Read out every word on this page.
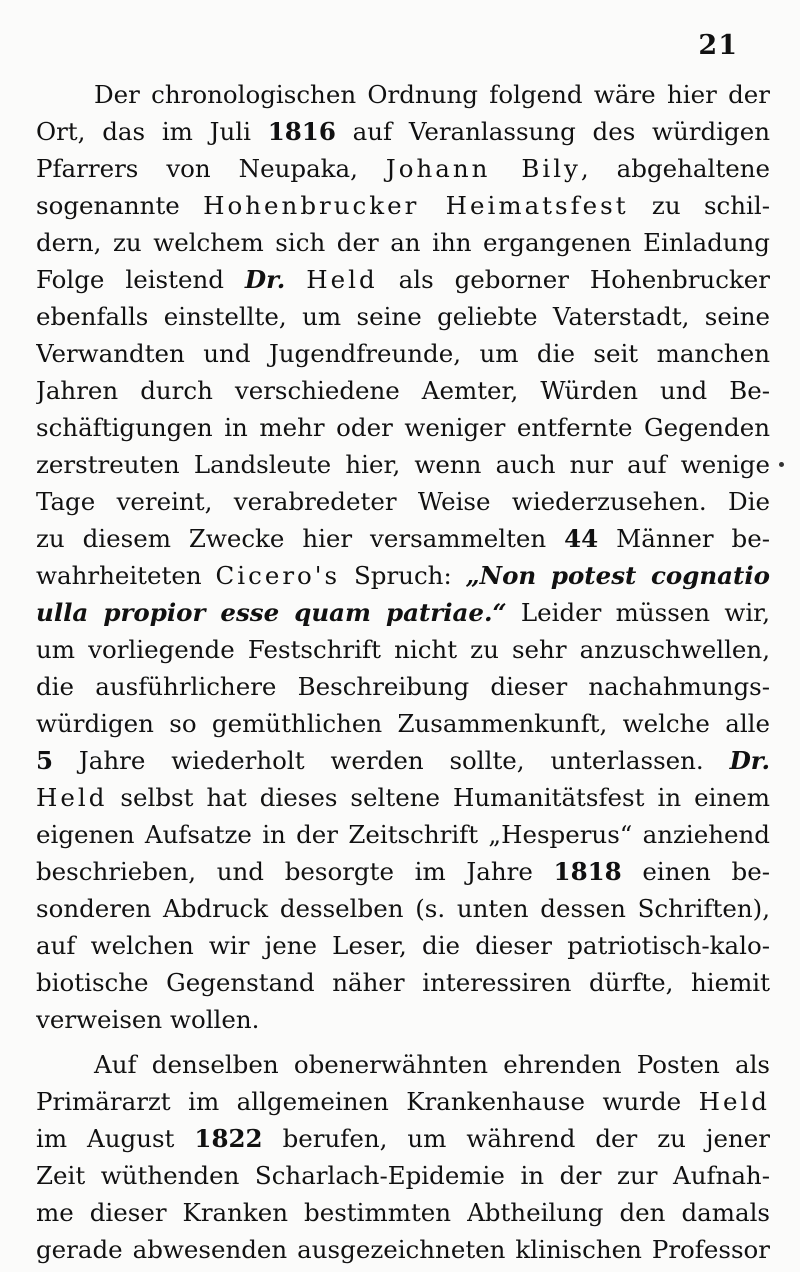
21
Der chronologischen Ordnung folgend wäre hier der
Ort, das im Juli 1816 auf Veranlassung des würdigen
Pfarrers von Neupaka, Johann Bily, abgehaltene
sogenannte Hohenbrucker Heimatsfest zu schil-
dern, zu welchem sich der an ihn ergangenen Einladung
Folge leistend Dr. Held als geborner Hohenbrucker
ebenfalls einstellte, um seine geliebte Vaterstadt, seine
Verwandten und Jugendfreunde, um die seit manchen
Jahren durch verschiedene Aemter, Würden und Be-
schäftigungen in mehr oder weniger entfernte Gegenden
zerstreuten Landsleute hier, wenn auch nur auf wenige
Tage vereint, verabredeter Weise wiederzusehen. Die
zu diesem Zwecke hier versammelten 44 Männer be-
wahrheiteten Cicero's Spruch: „Non potest cognatio
ulla propior esse quam patriae.“ Leider müssen wir,
um vorliegende Festschrift nicht zu sehr anzuschwellen,
die ausführlichere Beschreibung dieser nachahmungs-
würdigen so gemüthlichen Zusammenkunft, welche alle
5 Jahre wiederholt werden sollte, unterlassen. Dr.
Held selbst hat dieses seltene Humanitätsfest in einem
eigenen Aufsatze in der Zeitschrift „Hesperus“ anziehend
beschrieben, und besorgte im Jahre 1818 einen be-
sonderen Abdruck desselben (s. unten dessen Schriften),
auf welchen wir jene Leser, die dieser patriotisch-kalo-
biotische Gegenstand näher interessiren dürfte, hiemit
verweisen wollen.
Auf denselben obenerwähnten ehrenden Posten als
Primärarzt im allgemeinen Krankenhause wurde Held
im August 1822 berufen, um während der zu jener
Zeit wüthenden Scharlach-Epidemie in der zur Aufnah-
me dieser Kranken bestimmten Abtheilung den damals
gerade abwesenden ausgezeichneten klinischen Professor
